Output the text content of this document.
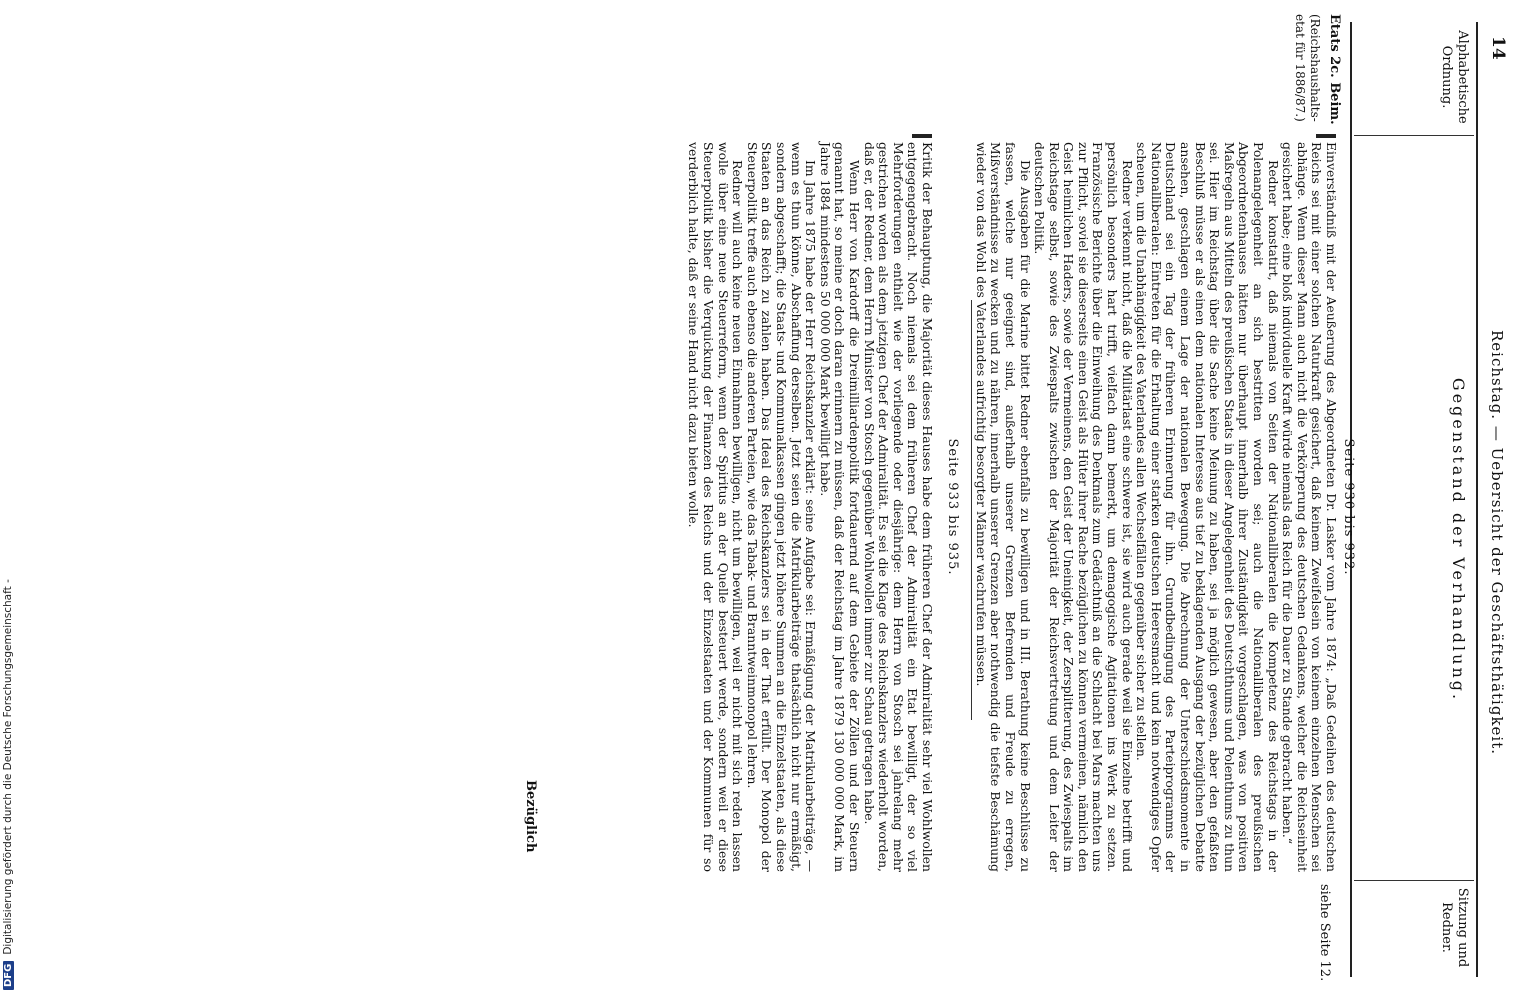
14
Reichstag. — Uebersicht der Geschäftsthätigkeit.
Alphabetische Ordnung.
Gegenstand der Verhandlung.
Sitzung und Redner.
Etats 2c. Beim.
(Reichshaushalts-etat für 1886/87.)
siehe Seite 12.
Seite 930 bis 932.

Einverständniß mit der Aeußerung des Abgeordneten Dr. Lasker vom Jahre 1874: „Daß Gedeihen des deutschen Reichs sei mit einer solchen Naturkraft gesichert, daß keinem Zweifelsein von keinem einzelnen Menschen sei abhänge. Wenn dieser Mann auch nicht die Verkörperung des deutschen Gedankens, welcher die Reichseinheit gesichert habe; eine bloß individuelle Kraft würde niemals das Reich für die Dauer zu Stande gebracht haben.“

Redner konstatirt, daß niemals von Seiten der Nationalliberalen die Kompetenz des Reichstags in der Polenangelegenheit an sich bestritten worden sei; auch die Nationalliberalen des preußischen Abgeordnetenhauses hätten nur überhaupt innerhalb ihrer Zuständigkeit vorgeschlagen, was von positiven Maßregeln aus Mitteln des preußischen Staats in dieser Angelegenheit des Deutschthums und Polenthums zu thun sei. Hier im Reichstag über die Sache keine Meinung zu haben, sei ja möglich gewesen, aber den gefaßten Beschluß müsse er als einen dem nationalen Interesse aus tief zu beklagenden Ausgang der bezüglichen Debatte ansehen, geschlagen einem Lage der nationalen Bewegung. Die Abrechnung der Unterschiedsmomente in Deutschland sei ein Tag der früheren Erinnerung für ihn. Grundbedingung des Parteiprogramms der Nationalliberalen: Eintreten für die Erhaltung einer starken deutschen Heeresmacht und kein notwendiges Opfer scheuen, um die Unabhängigkeit des Vaterlandes allen Wechselfällen gegenüber sicher zu stellen.

Redner verkennt nicht, daß die Militärlast eine schwere ist, sie wird auch gerade weil sie Einzelne betrifft und persönlich besonders hart trifft, vielfach dann bemerkt, um demagogische Agitationen ins Werk zu setzen. Französische Berichte über die Einweihung des Denkmals zum Gedächtniß an die Schlacht bei Mars machten uns zur Pflicht, soviel sie dieserseits einen Geist als Hüter ihrer Rache bezüglichen zu können vermeinen, nämlich den Geist heimlichen Haders, sowie der Vermeinens, den Geist der Uneinigkeit, der Zersplitterung, des Zwiespalts im Reichstage selbst, sowie des Zwiespalts zwischen der Majorität der Reichsvertretung und dem Leiter der deutschen Politik.

Die Ausgaben für die Marine bittet Redner ebenfalls zu bewilligen und in III. Berathung keine Beschlüsse zu fassen, welche nur geeignet sind, außerhalb unserer Grenzen Befremden und Freude zu erregen, Mißverständnisse zu wecken und zu nähren, innerhalb unserer Grenzen aber nothwendig die tiefste Beschämung wieder von das Wohl des Vaterlandes aufrichtig besorgter Männer wachrufen müssen.

Seite 933 bis 935.

Kritik der Behauptung, die Majorität dieses Hauses habe dem früheren Chef der Admiralität sehr viel Wohlwollen entgegengebracht. Noch niemals sei dem früheren Chef der Admiralität ein Etat bewilligt, der so viel Mehrforderungen enthielt wie der vorliegende oder diesjährige: dem Herrn von Stosch sei jahrelang mehr gestrichen worden als dem jetzigen Chef der Admiralität. Es sei die Klage des Reichskanzlers wiederholt worden, daß er, der Redner, dem Herrn Minister von Stosch gegenüber Wohlwollen immer zur Schau getragen habe.

Wenn Herr von Kardorff die Dreimilliardenpolitik fortdauernd auf dem Gebiete der Zöllen und der Steuern genannt hat, so meine er doch daran erinnern zu müssen, daß der Reichstag im Jahre 1879 130 000 000 Mark, im Jahre 1884 mindestens 50 000 000 Mark bewilligt habe.

Im Jahre 1875 habe der Herr Reichskanzler erklärt: seine Aufgabe sei: Ermäßigung der Matrikularbeiträge, — wenn es thun könne, Abschaffung derselben. Jetzt seien die Matrikularbeiträge thatsächlich nicht nur ermäßigt, sondern abgeschafft; die Staats- und Kommunalkassen gingen jetzt höhere Summen an die Einzelstaaten, als diese Staaten an das Reich zu zahlen haben. Das Ideal des Reichskanzlers sei in der That erfüllt. Der Monopol der Steuerpolitik treffe auch ebenso die anderen Parteien, wie das Tabak- und Branntweinmonopol lehren.

Redner will auch keine neuen Einnahmen bewilligen, nicht um bewilligen, weil er nicht mit sich reden lassen wolle über eine neue Steuerreform, wenn der Spiritus an der Quelle besteuert werde, sondern weil er diese Steuerpolitik bisher die Verquickung der Finanzen des Reichs und der Einzelstaaten und der Kommunen für so verderblich halte, daß er seine Hand nicht dazu bieten wolle.

Bezüglich
DFGDigitalisierung gefördert durch die Deutsche Forschungsgemeinschaft -
